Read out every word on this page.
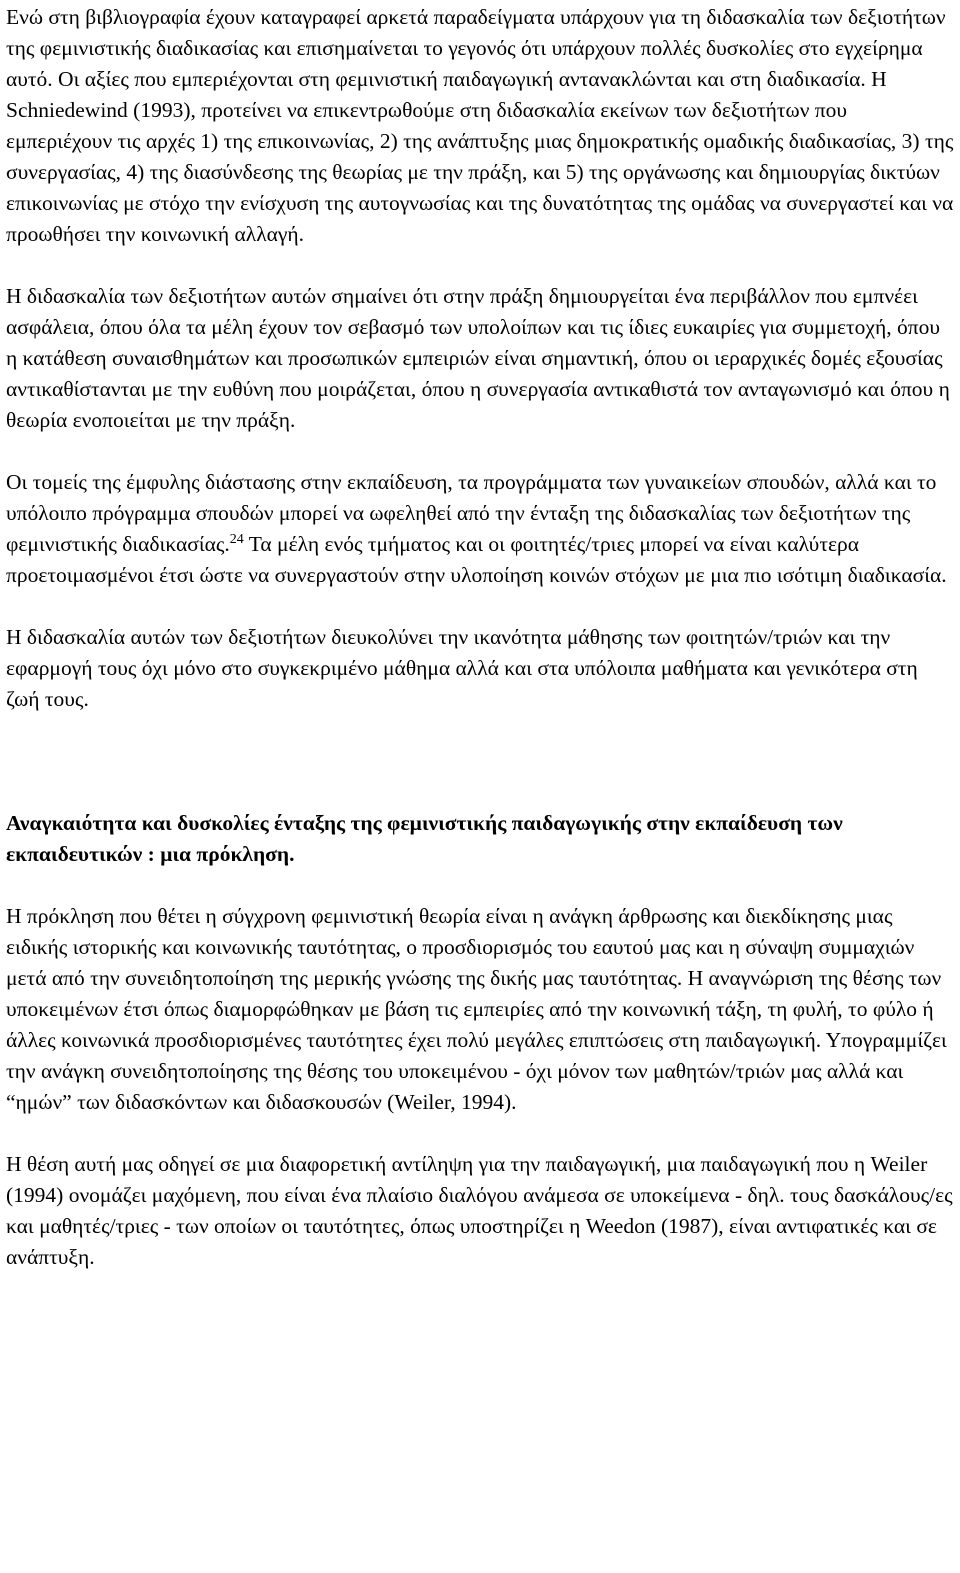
Ενώ στη βιβλιογραφία έχουν καταγραφεί αρκετά παραδείγματα υπάρχουν για τη διδασκαλία των δεξιοτήτων της φεμινιστικής διαδικασίας και επισημαίνεται το γεγονός ότι υπάρχουν πολλές δυσκολίες στο εγχείρημα αυτό. Οι αξίες που εμπεριέχονται στη φεμινιστική παιδαγωγική αντανακλώνται και στη διαδικασία. Η Schniedewind (1993), προτείνει να επικεντρωθούμε στη διδασκαλία εκείνων των δεξιοτήτων που εμπεριέχουν τις αρχές 1) της επικοινωνίας, 2) της ανάπτυξης μιας δημοκρατικής ομαδικής διαδικασίας, 3) της συνεργασίας, 4) της διασύνδεσης της θεωρίας με την πράξη, και 5) της οργάνωσης και δημιουργίας δικτύων επικοινωνίας με στόχο την ενίσχυση της αυτογνωσίας και της δυνατότητας της ομάδας να συνεργαστεί και να προωθήσει την κοινωνική αλλαγή.

Η διδασκαλία των δεξιοτήτων αυτών σημαίνει ότι στην πράξη δημιουργείται ένα περιβάλλον που εμπνέει ασφάλεια, όπου όλα τα μέλη έχουν τον σεβασμό των υπολοίπων και τις ίδιες ευκαιρίες για συμμετοχή, όπου η κατάθεση συναισθημάτων και προσωπικών εμπειριών είναι σημαντική, όπου οι ιεραρχικές δομές εξουσίας αντικαθίστανται με την ευθύνη που μοιράζεται, όπου η συνεργασία αντικαθιστά τον ανταγωνισμό και όπου η θεωρία ενοποιείται με την πράξη.

Οι τομείς της έμφυλης διάστασης στην εκπαίδευση, τα προγράμματα των γυναικείων σπουδών, αλλά και το υπόλοιπο πρόγραμμα σπουδών μπορεί να ωφεληθεί από την ένταξη της διδασκαλίας των δεξιοτήτων της φεμινιστικής διαδικασίας.$^{24}$ Τα μέλη ενός τμήματος και οι φοιτητές/τριες μπορεί να είναι καλύτερα προετοιμασμένοι έτσι ώστε να συνεργαστούν στην υλοποίηση κοινών στόχων με μια πιο ισότιμη διαδικασία.

Η διδασκαλία αυτών των δεξιοτήτων διευκολύνει την ικανότητα μάθησης των φοιτητών/τριών και την εφαρμογή τους όχι μόνο στο συγκεκριμένο μάθημα αλλά και στα υπόλοιπα μαθήματα και γενικότερα στη ζωή τους.

Αναγκαιότητα και δυσκολίες ένταξης της φεμινιστικής παιδαγωγικής στην εκπαίδευση των εκπαιδευτικών : μια πρόκληση.

Η πρόκληση που θέτει η σύγχρονη φεμινιστική θεωρία είναι η ανάγκη άρθρωσης και διεκδίκησης μιας ειδικής ιστορικής και κοινωνικής ταυτότητας, ο προσδιορισμός του εαυτού μας και η σύναψη συμμαχιών μετά από την συνειδητοποίηση της μερικής γνώσης της δικής μας ταυτότητας. Η αναγνώριση της θέσης των υποκειμένων έτσι όπως διαμορφώθηκαν με βάση τις εμπειρίες από την κοινωνική τάξη, τη φυλή, το φύλο ή άλλες κοινωνικά προσδιορισμένες ταυτότητες έχει πολύ μεγάλες επιπτώσεις στη παιδαγωγική. Υπογραμμίζει την ανάγκη συνειδητοποίησης της θέσης του υποκειμένου - όχι μόνον των μαθητών/τριών μας αλλά και “ημών” των διδασκόντων και διδασκουσών (Weiler, 1994).

Η θέση αυτή μας οδηγεί σε μια διαφορετική αντίληψη για την παιδαγωγική, μια παιδαγωγική που η Weiler (1994) ονομάζει μαχόμενη, που είναι ένα πλαίσιο διαλόγου ανάμεσα σε υποκείμενα - δηλ. τους δασκάλους/ες και μαθητές/τριες - των οποίων οι ταυτότητες, όπως υποστηρίζει η Weedon (1987), είναι αντιφατικές και σε ανάπτυξη.
